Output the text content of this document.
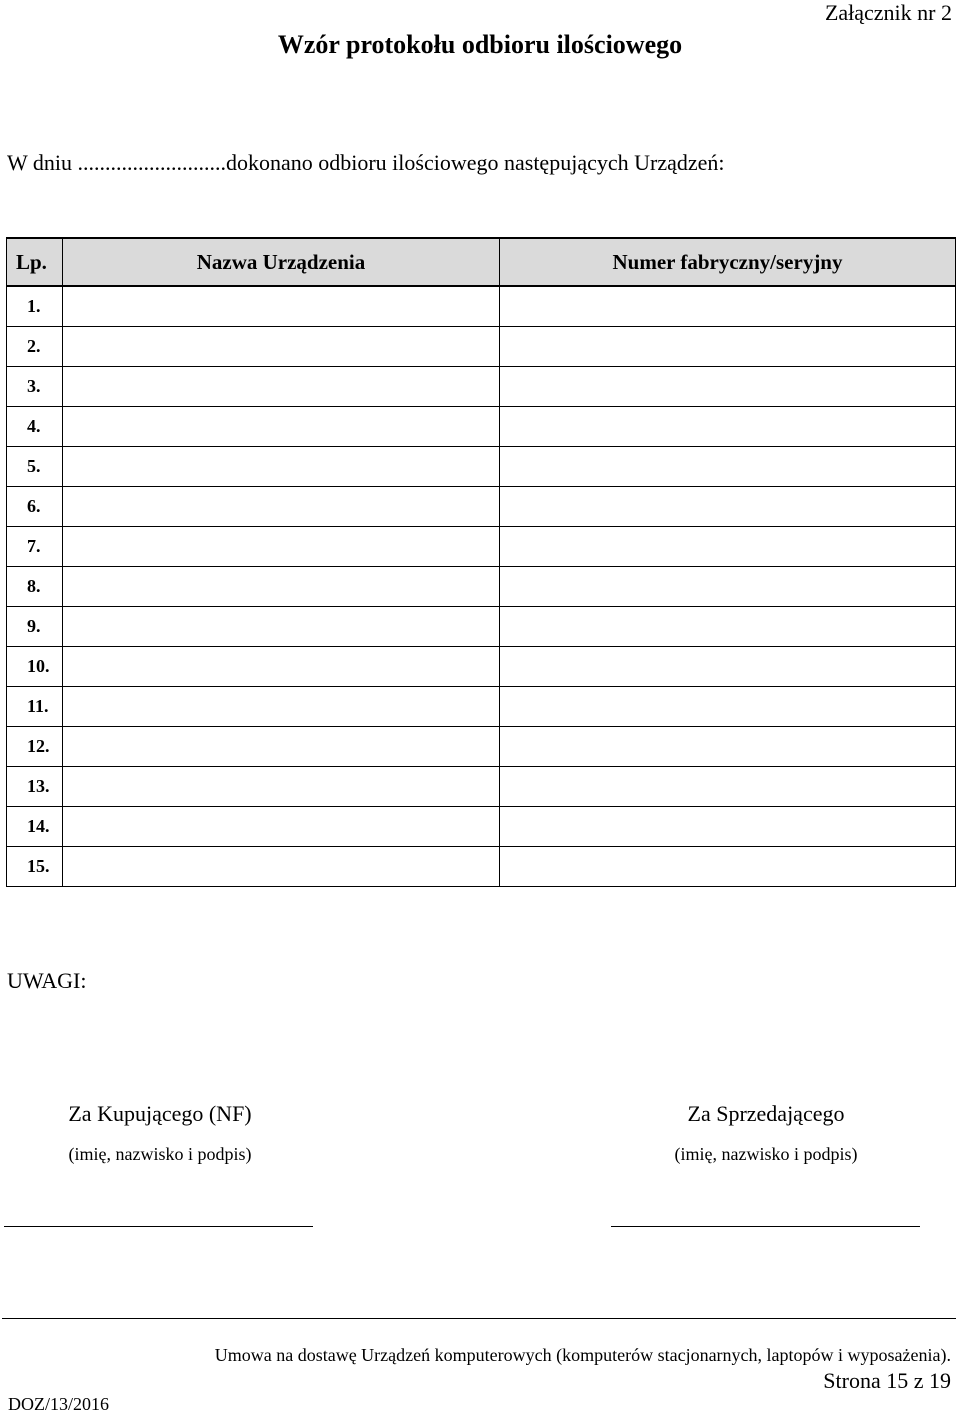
Załącznik nr 2
Wzór protokołu odbioru ilościowego
W dniu ...........................dokonano odbioru ilościowego następujących Urządzeń:
Lp.	Nazwa Urządzenia	Numer fabryczny/seryjny
1.		
2.		
3.		
4.		
5.		
6.		
7.		
8.		
9.		
10.		
11.		
12.		
13.		
14.		
15.		
UWAGI:
Za Kupującego (NF)
(imię, nazwisko i podpis)
Za Sprzedającego
(imię, nazwisko i podpis)
Umowa na dostawę Urządzeń komputerowych (komputerów stacjonarnych, laptopów i wyposażenia).
Strona 15 z 19
DOZ/13/2016
